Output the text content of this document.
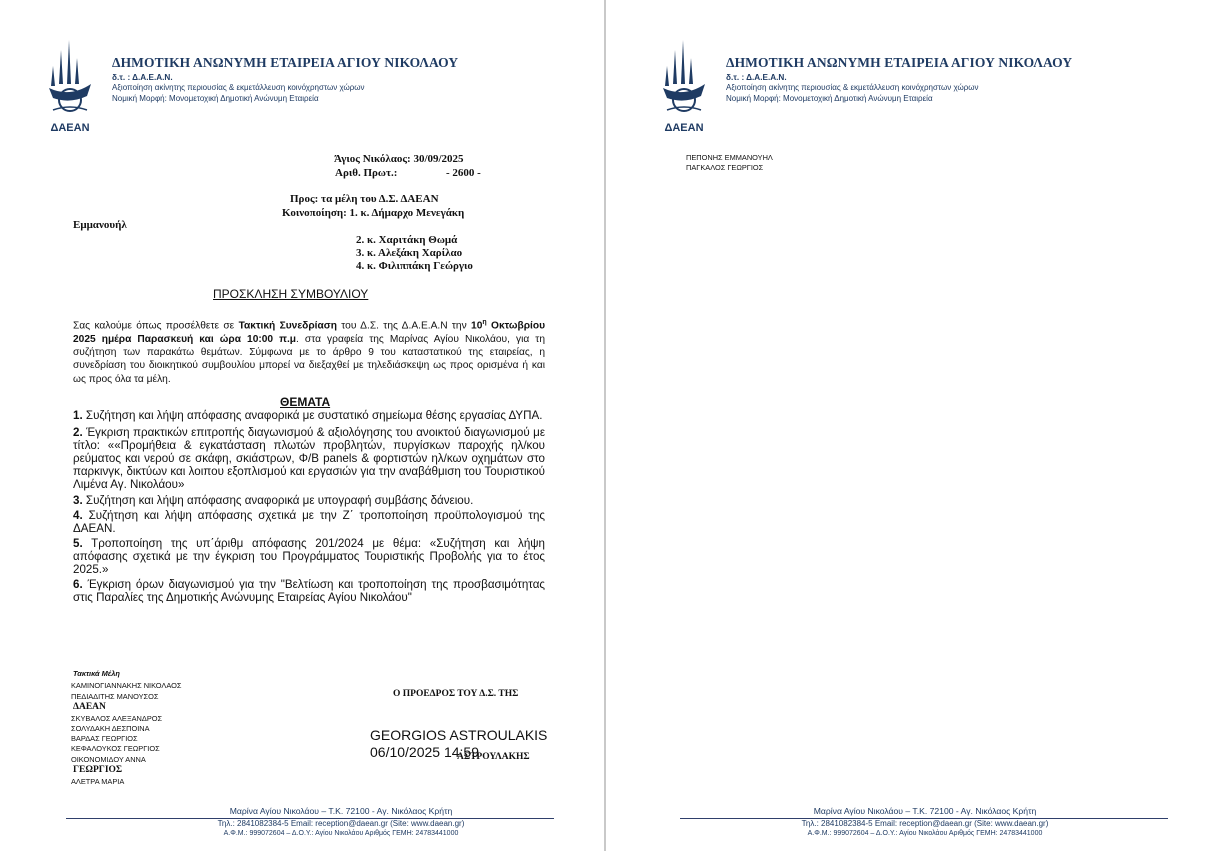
ΔΑΕΑΝ
ΔΗΜΟΤΙΚΗ ΑΝΩΝΥΜΗ ΕΤΑΙΡΕΙΑ ΑΓΙΟΥ ΝΙΚΟΛΑΟΥ
δ.τ. : Δ.Α.Ε.Α.Ν.
Αξιοποίηση ακίνητης περιουσίας & εκμετάλλευση κοινόχρηστων χώρων
Νομική Μορφή: Μονομετοχική Δημοτική Ανώνυμη Εταιρεία
Άγιος Νικόλαος: 30/09/2025
Αριθ. Πρωτ.:	- 2600 -
Προς: τα μέλη του Δ.Σ. ΔΑΕΑΝ
Κοινοποίηση: 1. κ. Δήμαρχο Μενεγάκη
Εμμανουήλ
2. κ. Χαριτάκη Θωμά
3. κ. Αλεξάκη Χαρίλαο
4. κ. Φιλιππάκη Γεώργιο
ΠΡΟΣΚΛΗΣΗ ΣΥΜΒΟΥΛΙΟΥ
Σας καλούμε όπως προσέλθετε σε Τακτική Συνεδρίαση του Δ.Σ. της Δ.Α.Ε.Α.Ν την $10^\eta$ Οκτωβρίου 2025 ημέρα Παρασκευή και ώρα 10:00 π.μ. στα γραφεία της Μαρίνας Αγίου Νικολάου, για τη συζήτηση των παρακάτω θεμάτων. Σύμφωνα με το άρθρο 9 του καταστατικού της εταιρείας, η συνεδρίαση του διοικητικού συμβουλίου μπορεί να διεξαχθεί με τηλεδιάσκεψη ως προς ορισμένα ή και ως προς όλα τα μέλη.
ΘΕΜΑΤΑ

1. Συζήτηση και λήψη απόφασης αναφορικά με συστατικό σημείωμα θέσης εργασίας ΔΥΠΑ.

2. Έγκριση πρακτικών επιτροπής διαγωνισμού & αξιολόγησης του ανοικτού διαγωνισμού με τίτλο: ««Προμήθεια & εγκατάσταση πλωτών προβλητών, πυργίσκων παροχής ηλ/κου ρεύματος και νερού σε σκάφη, σκιάστρων, Φ/Β panels & φορτιστών ηλ/κων οχημάτων στο παρκινγκ, δικτύων και λοιπου εξοπλισμού και εργασιών για την αναβάθμιση του Τουριστικού Λιμένα Αγ. Νικολάου»

3. Συζήτηση και λήψη απόφασης αναφορικά με υπογραφή συμβάσης δάνειου.

4. Συζήτηση και λήψη απόφασης σχετικά με την Ζ΄ τροποποίηση προϋπολογισμού της ΔΑΕΑΝ.

5. Τροποποίηση της υπ΄άριθμ απόφασης 201/2024 με θέμα: «Συζήτηση και λήψη απόφασης σχετικά με την έγκριση του Προγράμματος Τουριστικής Προβολής για το έτος 2025.»

6. Έγκριση όρων διαγωνισμού για την "Βελτίωση και τροποποίηση της προσβασιμότητας στις Παραλίες της Δημοτικής Ανώνυμης Εταιρείας Αγίου Νικολάου"

Τακτικά Μέλη
ΚΑΜΙΝΟΓΙΑΝΝΑΚΗΣ ΝΙΚΟΛΑΟΣ
ΠΕΔΙΑΔΙΤΗΣ ΜΑΝΟΥΣΟΣ
ΣΚΥΒΑΛΟΣ ΑΛΕΞΑΝΔΡΟΣ
ΣΟΛΥΔΑΚΗ ΔΕΣΠΟΙΝΑ
ΒΑΡΔΑΣ ΓΕΩΡΓΙΟΣ
ΚΕΦΑΛΟΥΚΟΣ ΓΕΩΡΓΙΟΣ
ΟΙΚΟΝΟΜΙΔΟΥ ΑΝΝΑ
ΑΛΕΤΡΑ ΜΑΡΙΑ
Ο ΠΡΟΕΔΡΟΣ ΤΟΥ Δ.Σ. ΤΗΣ
ΔΑΕΑΝ
ΓΕΩΡΓΙΟΣ
ΑΣΤΡΟΥΛΑΚΗΣ
GEORGIOS ASTROULAKIS
06/10/2025 14:59
Μαρίνα Αγίου Νικολάου – Τ.Κ. 72100 - Αγ. Νικόλαος Κρήτη
Τηλ.: 2841082384-5 Email: reception@daean.gr (Site: www.daean.gr)
Α.Φ.Μ.: 999072604 – Δ.Ο.Υ.: Αγίου Νικολάου Αριθμός ΓΕΜΗ: 24783441000
ΔΑΕΑΝ
ΔΗΜΟΤΙΚΗ ΑΝΩΝΥΜΗ ΕΤΑΙΡΕΙΑ ΑΓΙΟΥ ΝΙΚΟΛΑΟΥ
δ.τ. : Δ.Α.Ε.Α.Ν.
Αξιοποίηση ακίνητης περιουσίας & εκμετάλλευση κοινόχρηστων χώρων
Νομική Μορφή: Μονομετοχική Δημοτική Ανώνυμη Εταιρεία
ΠΕΠΟΝΗΣ ΕΜΜΑΝΟΥΗΛ
ΠΑΓΚΑΛΟΣ ΓΕΩΡΓΙΟΣ
Μαρίνα Αγίου Νικολάου – Τ.Κ. 72100 - Αγ. Νικόλαος Κρήτη
Τηλ.: 2841082384-5 Email: reception@daean.gr (Site: www.daean.gr)
Α.Φ.Μ.: 999072604 – Δ.Ο.Υ.: Αγίου Νικολάου Αριθμός ΓΕΜΗ: 24783441000
